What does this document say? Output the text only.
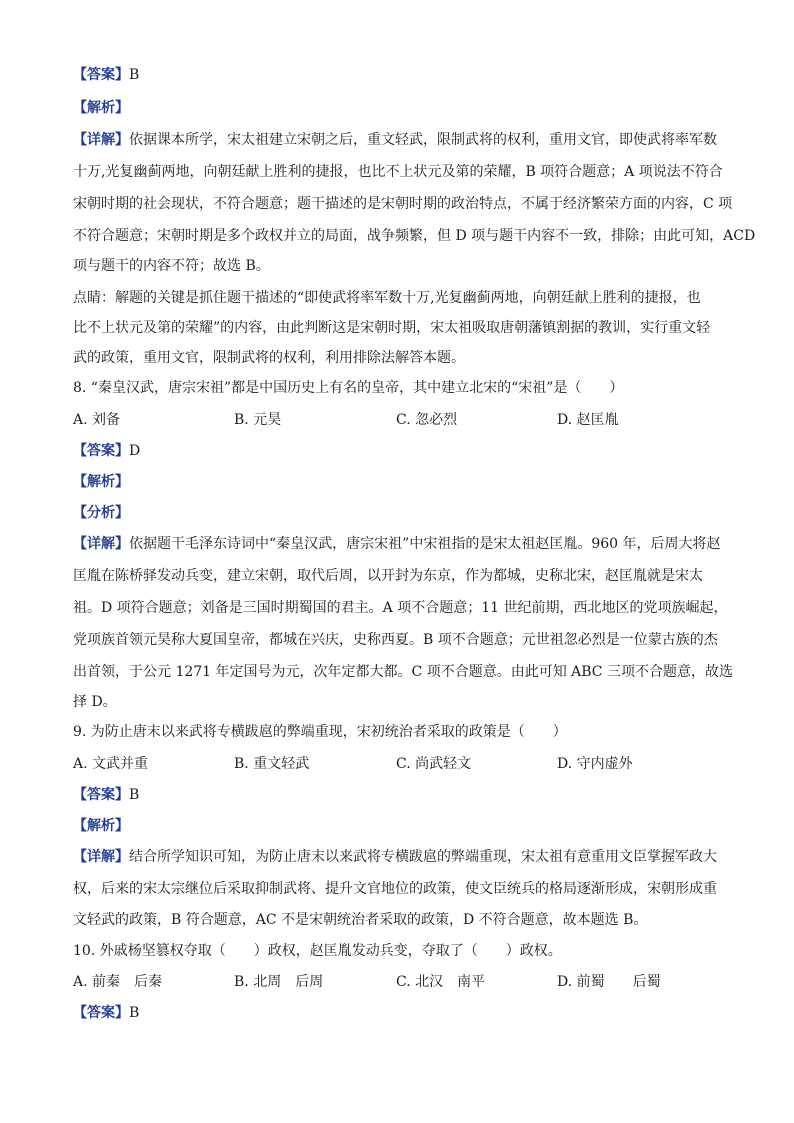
【答案】B
【解析】
【详解】依据课本所学，宋太祖建立宋朝之后，重文轻武，限制武将的权利，重用文官，即使武将率军数
十万,光复幽蓟两地，向朝廷献上胜利的捷报，也比不上状元及第的荣耀，B 项符合题意；A 项说法不符合
宋朝时期的社会现状，不符合题意；题干描述的是宋朝时期的政治特点，不属于经济繁荣方面的内容，C 项
不符合题意；宋朝时期是多个政权并立的局面，战争频繁，但 D 项与题干内容不一致，排除；由此可知，ACD
项与题干的内容不符；故选 B。
点睛：解题的关键是抓住题干描述的“即使武将率军数十万,光复幽蓟两地，向朝廷献上胜利的捷报，也
比不上状元及第的荣耀”的内容，由此判断这是宋朝时期，宋太祖吸取唐朝藩镇割据的教训，实行重文轻
武的政策，重用文官，限制武将的权利，利用排除法解答本题。
8. “秦皇汉武，唐宗宋祖”都是中国历史上有名的皇帝，其中建立北宋的“宋祖”是（　　）
A. 刘备	B. 元昊	C. 忽必烈	D. 赵匡胤
【答案】D
【解析】
【分析】
【详解】依据题干毛泽东诗词中“秦皇汉武，唐宗宋祖”中宋祖指的是宋太祖赵匡胤。960 年，后周大将赵
匡胤在陈桥驿发动兵变，建立宋朝，取代后周，以开封为东京，作为都城，史称北宋，赵匡胤就是宋太
祖。D 项符合题意；刘备是三国时期蜀国的君主。A 项不合题意；11 世纪前期，西北地区的党项族崛起，
党项族首领元昊称大夏国皇帝，都城在兴庆，史称西夏。B 项不合题意；元世祖忽必烈是一位蒙古族的杰
出首领，于公元 1271 年定国号为元，次年定都大都。C 项不合题意。由此可知 ABC 三项不合题意，故选
择 D。
9. 为防止唐末以来武将专横跋扈的弊端重现，宋初统治者采取的政策是（　　）
A. 文武并重	B. 重文轻武	C. 尚武轻文	D. 守内虚外
【答案】B
【解析】
【详解】结合所学知识可知，为防止唐末以来武将专横跋扈的弊端重现，宋太祖有意重用文臣掌握军政大
权，后来的宋太宗继位后采取抑制武将、提升文官地位的政策，使文臣统兵的格局逐渐形成，宋朝形成重
文轻武的政策，B 符合题意，AC 不是宋朝统治者采取的政策，D 不符合题意，故本题选 B。
10. 外戚杨坚篡权夺取（　　）政权，赵匡胤发动兵变，夺取了（　　）政权。
A. 前秦　后秦	B. 北周　后周	C. 北汉　南平	D. 前蜀　　后蜀
【答案】B
